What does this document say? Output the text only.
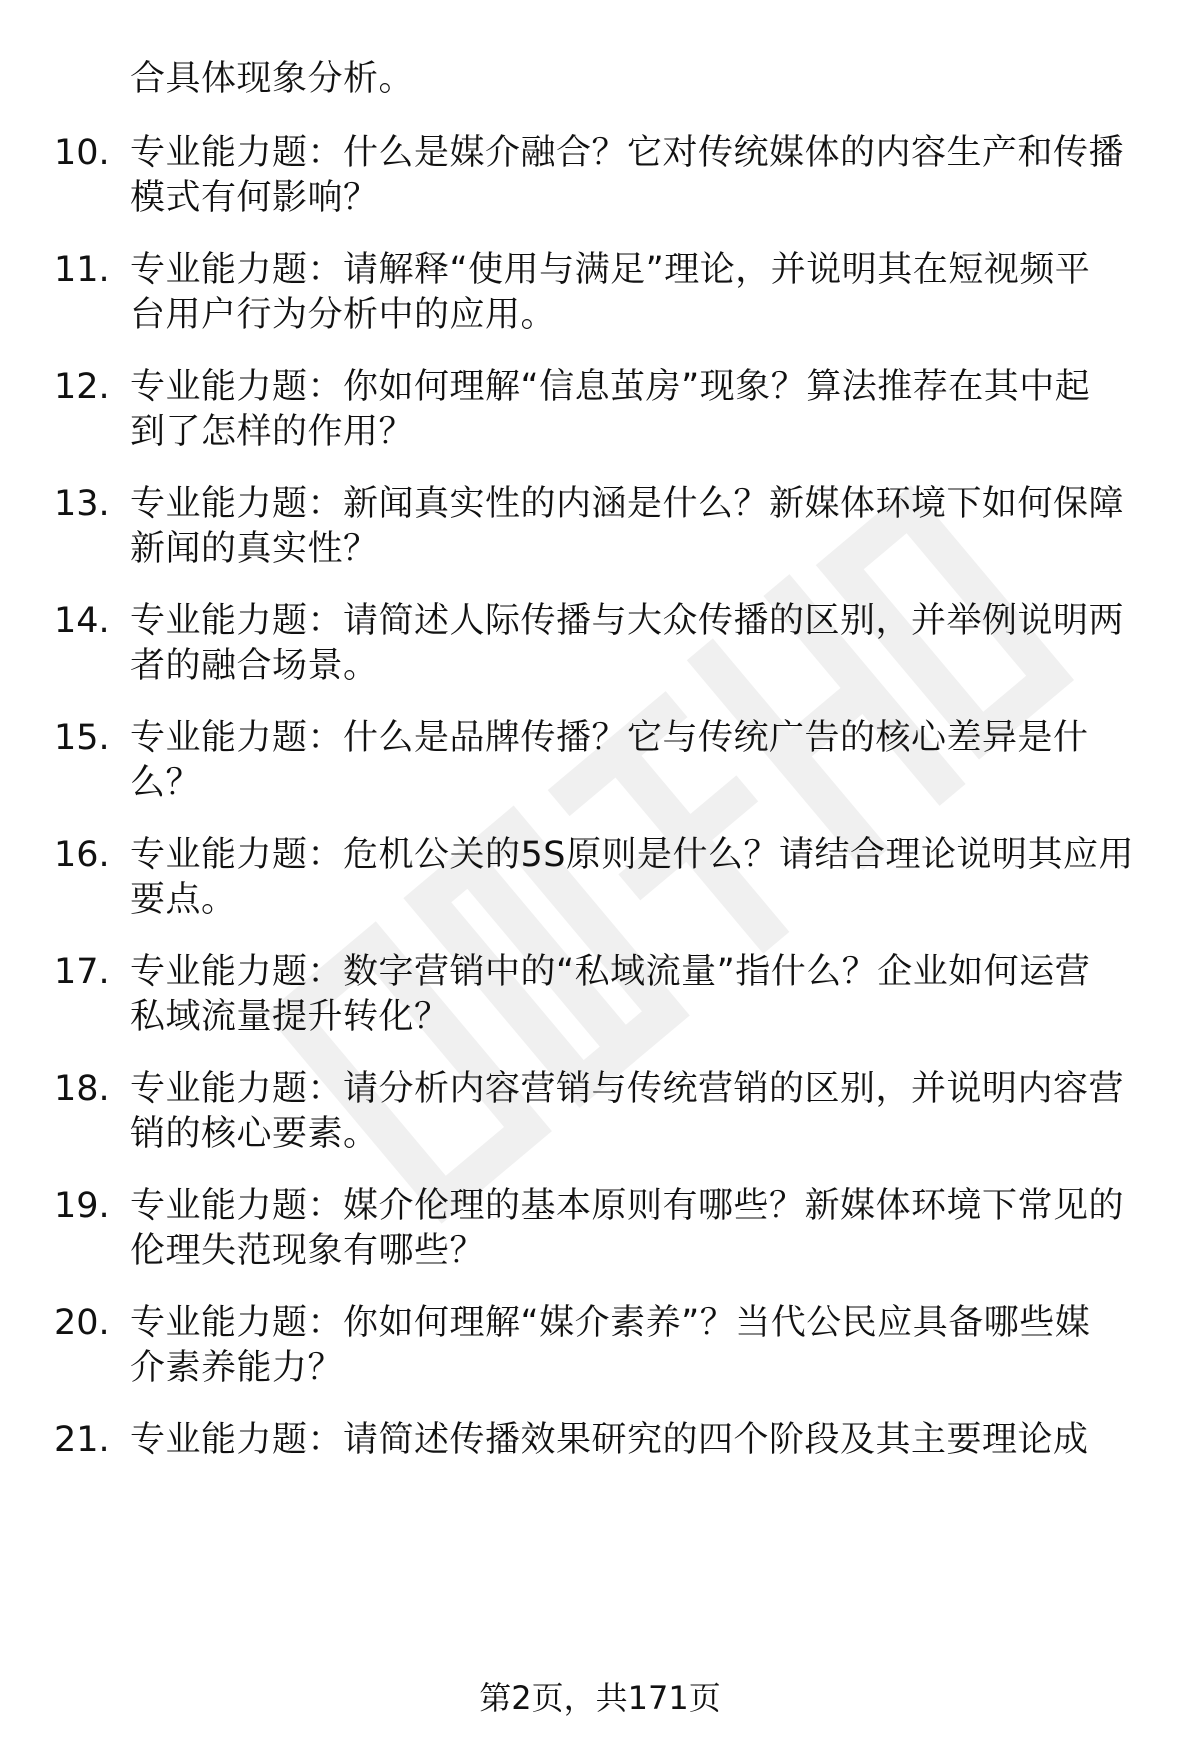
合具体现象分析。
10. 专业能力题：什么是媒介融合？它对传统媒体的内容生产和传播
模式有何影响？
11. 专业能力题：请解释“使用与满足”理论，并说明其在短视频平
台用户行为分析中的应用。
12. 专业能力题：你如何理解“信息茧房”现象？算法推荐在其中起
到了怎样的作用？
13. 专业能力题：新闻真实性的内涵是什么？新媒体环境下如何保障
新闻的真实性？
14. 专业能力题：请简述人际传播与大众传播的区别，并举例说明两
者的融合场景。
15. 专业能力题：什么是品牌传播？它与传统广告的核心差异是什
么？
16. 专业能力题：危机公关的5S原则是什么？请结合理论说明其应用
要点。
17. 专业能力题：数字营销中的“私域流量”指什么？企业如何运营
私域流量提升转化？
18. 专业能力题：请分析内容营销与传统营销的区别，并说明内容营
销的核心要素。
19. 专业能力题：媒介伦理的基本原则有哪些？新媒体环境下常见的
伦理失范现象有哪些？
20. 专业能力题：你如何理解“媒介素养”？当代公民应具备哪些媒
介素养能力？
21. 专业能力题：请简述传播效果研究的四个阶段及其主要理论成
第2页，共171页
